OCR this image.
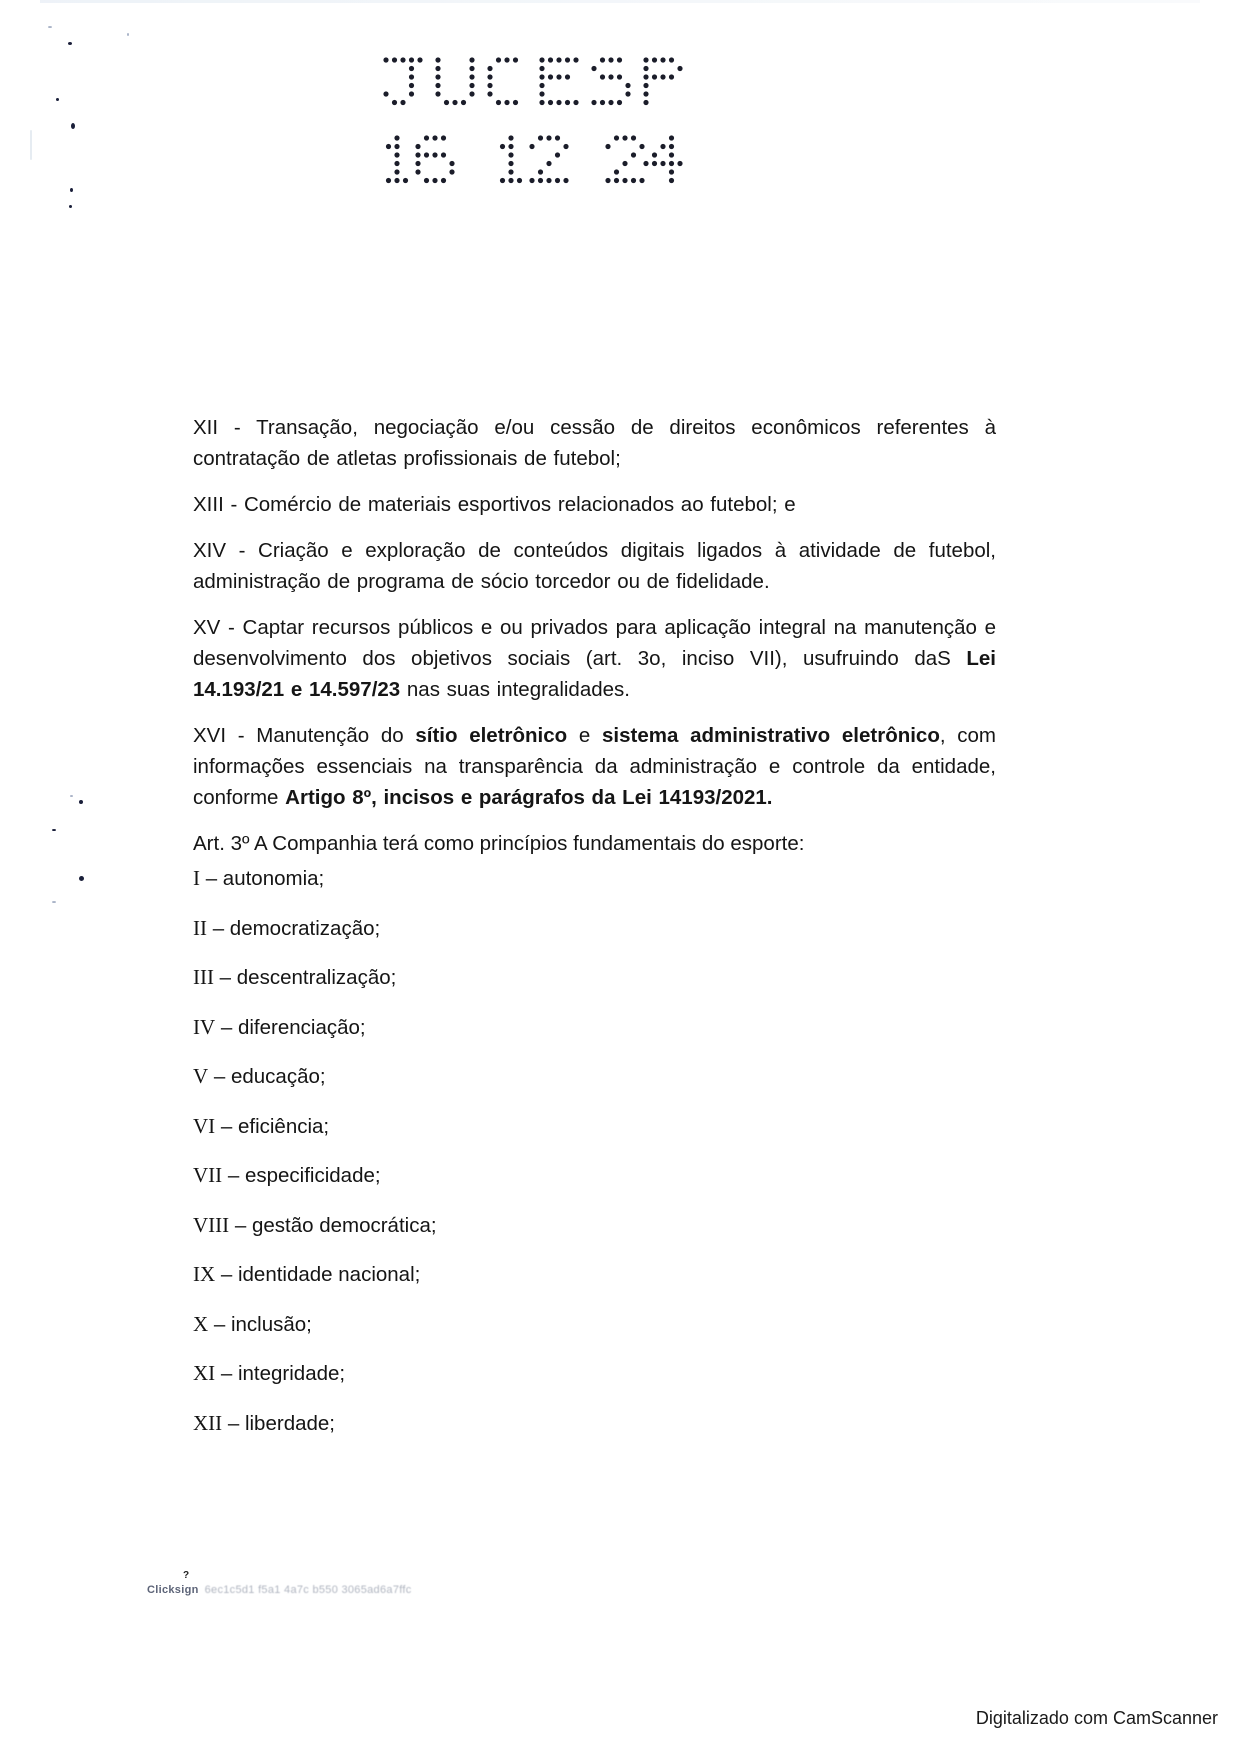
XII - Transação, negociação e/ou cessão de direitos econômicos referentes à contratação de atletas profissionais de futebol;

XIII - Comércio de materiais esportivos relacionados ao futebol; e

XIV - Criação e exploração de conteúdos digitais ligados à atividade de futebol, administração de programa de sócio torcedor ou de fidelidade.

XV - Captar recursos públicos e ou privados para aplicação integral na manutenção e desenvolvimento dos objetivos sociais (art. 3o, inciso VII), usufruindo daS Lei 14.193/21 e 14.597/23 nas suas integralidades.

XVI - Manutenção do sítio eletrônico e sistema administrativo eletrônico, com informações essenciais na transparência da administração e controle da entidade, conforme Artigo 8º, incisos e parágrafos da Lei 14193/2021.

Art. 3º A Companhia terá como princípios fundamentais do esporte:

I – autonomia;
II – democratização;
III – descentralização;
IV – diferenciação;
V – educação;
VI – eficiência;
VII – especificidade;
VIII – gestão democrática;
IX – identidade nacional;
X – inclusão;
XI – integridade;
XII – liberdade;
?
Clicksign 6ec1c5d1 f5a1 4a7c b550 3065ad6a7ffc
Digitalizado com CamScanner
